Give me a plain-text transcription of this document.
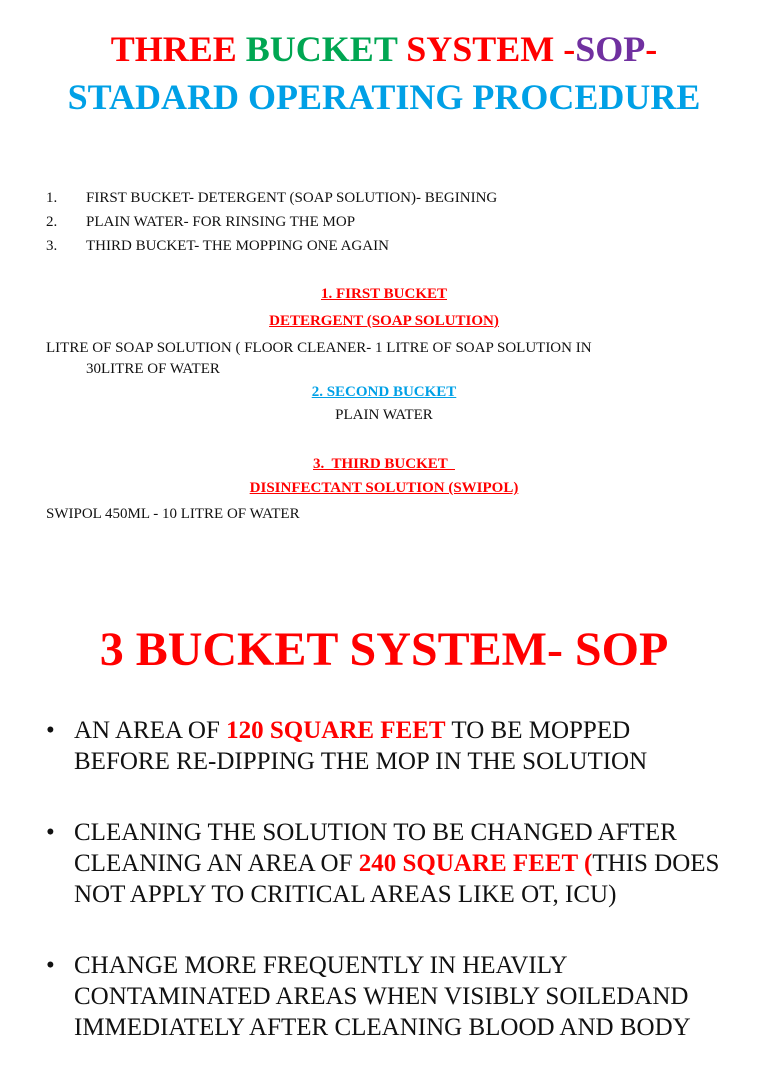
THREE BUCKET SYSTEM -SOP-
STADARD OPERATING PROCEDURE
1. FIRST BUCKET- DETERGENT (SOAP SOLUTION)- BEGINING
2. PLAIN WATER- FOR RINSING THE MOP
3. THIRD BUCKET- THE MOPPING ONE AGAIN
1. FIRST BUCKET
DETERGENT (SOAP SOLUTION)
LITRE OF SOAP SOLUTION ( FLOOR CLEANER- 1 LITRE OF SOAP SOLUTION IN
30LITRE OF WATER
2. SECOND BUCKET
PLAIN WATER
3.  THIRD BUCKET
DISINFECTANT SOLUTION (SWIPOL)
SWIPOL 450ML - 10 LITRE OF WATER
3 BUCKET SYSTEM- SOP
• AN AREA OF 120 SQUARE FEET TO BE MOPPED BEFORE RE-DIPPING THE MOP IN THE SOLUTION
• CLEANING THE SOLUTION TO BE CHANGED AFTER CLEANING AN AREA OF 240 SQUARE FEET (THIS DOES NOT APPLY TO CRITICAL AREAS LIKE OT, ICU)
• CHANGE MORE FREQUENTLY IN HEAVILY CONTAMINATED AREAS WHEN VISIBLY SOILEDAND IMMEDIATELY AFTER CLEANING BLOOD AND BODY
